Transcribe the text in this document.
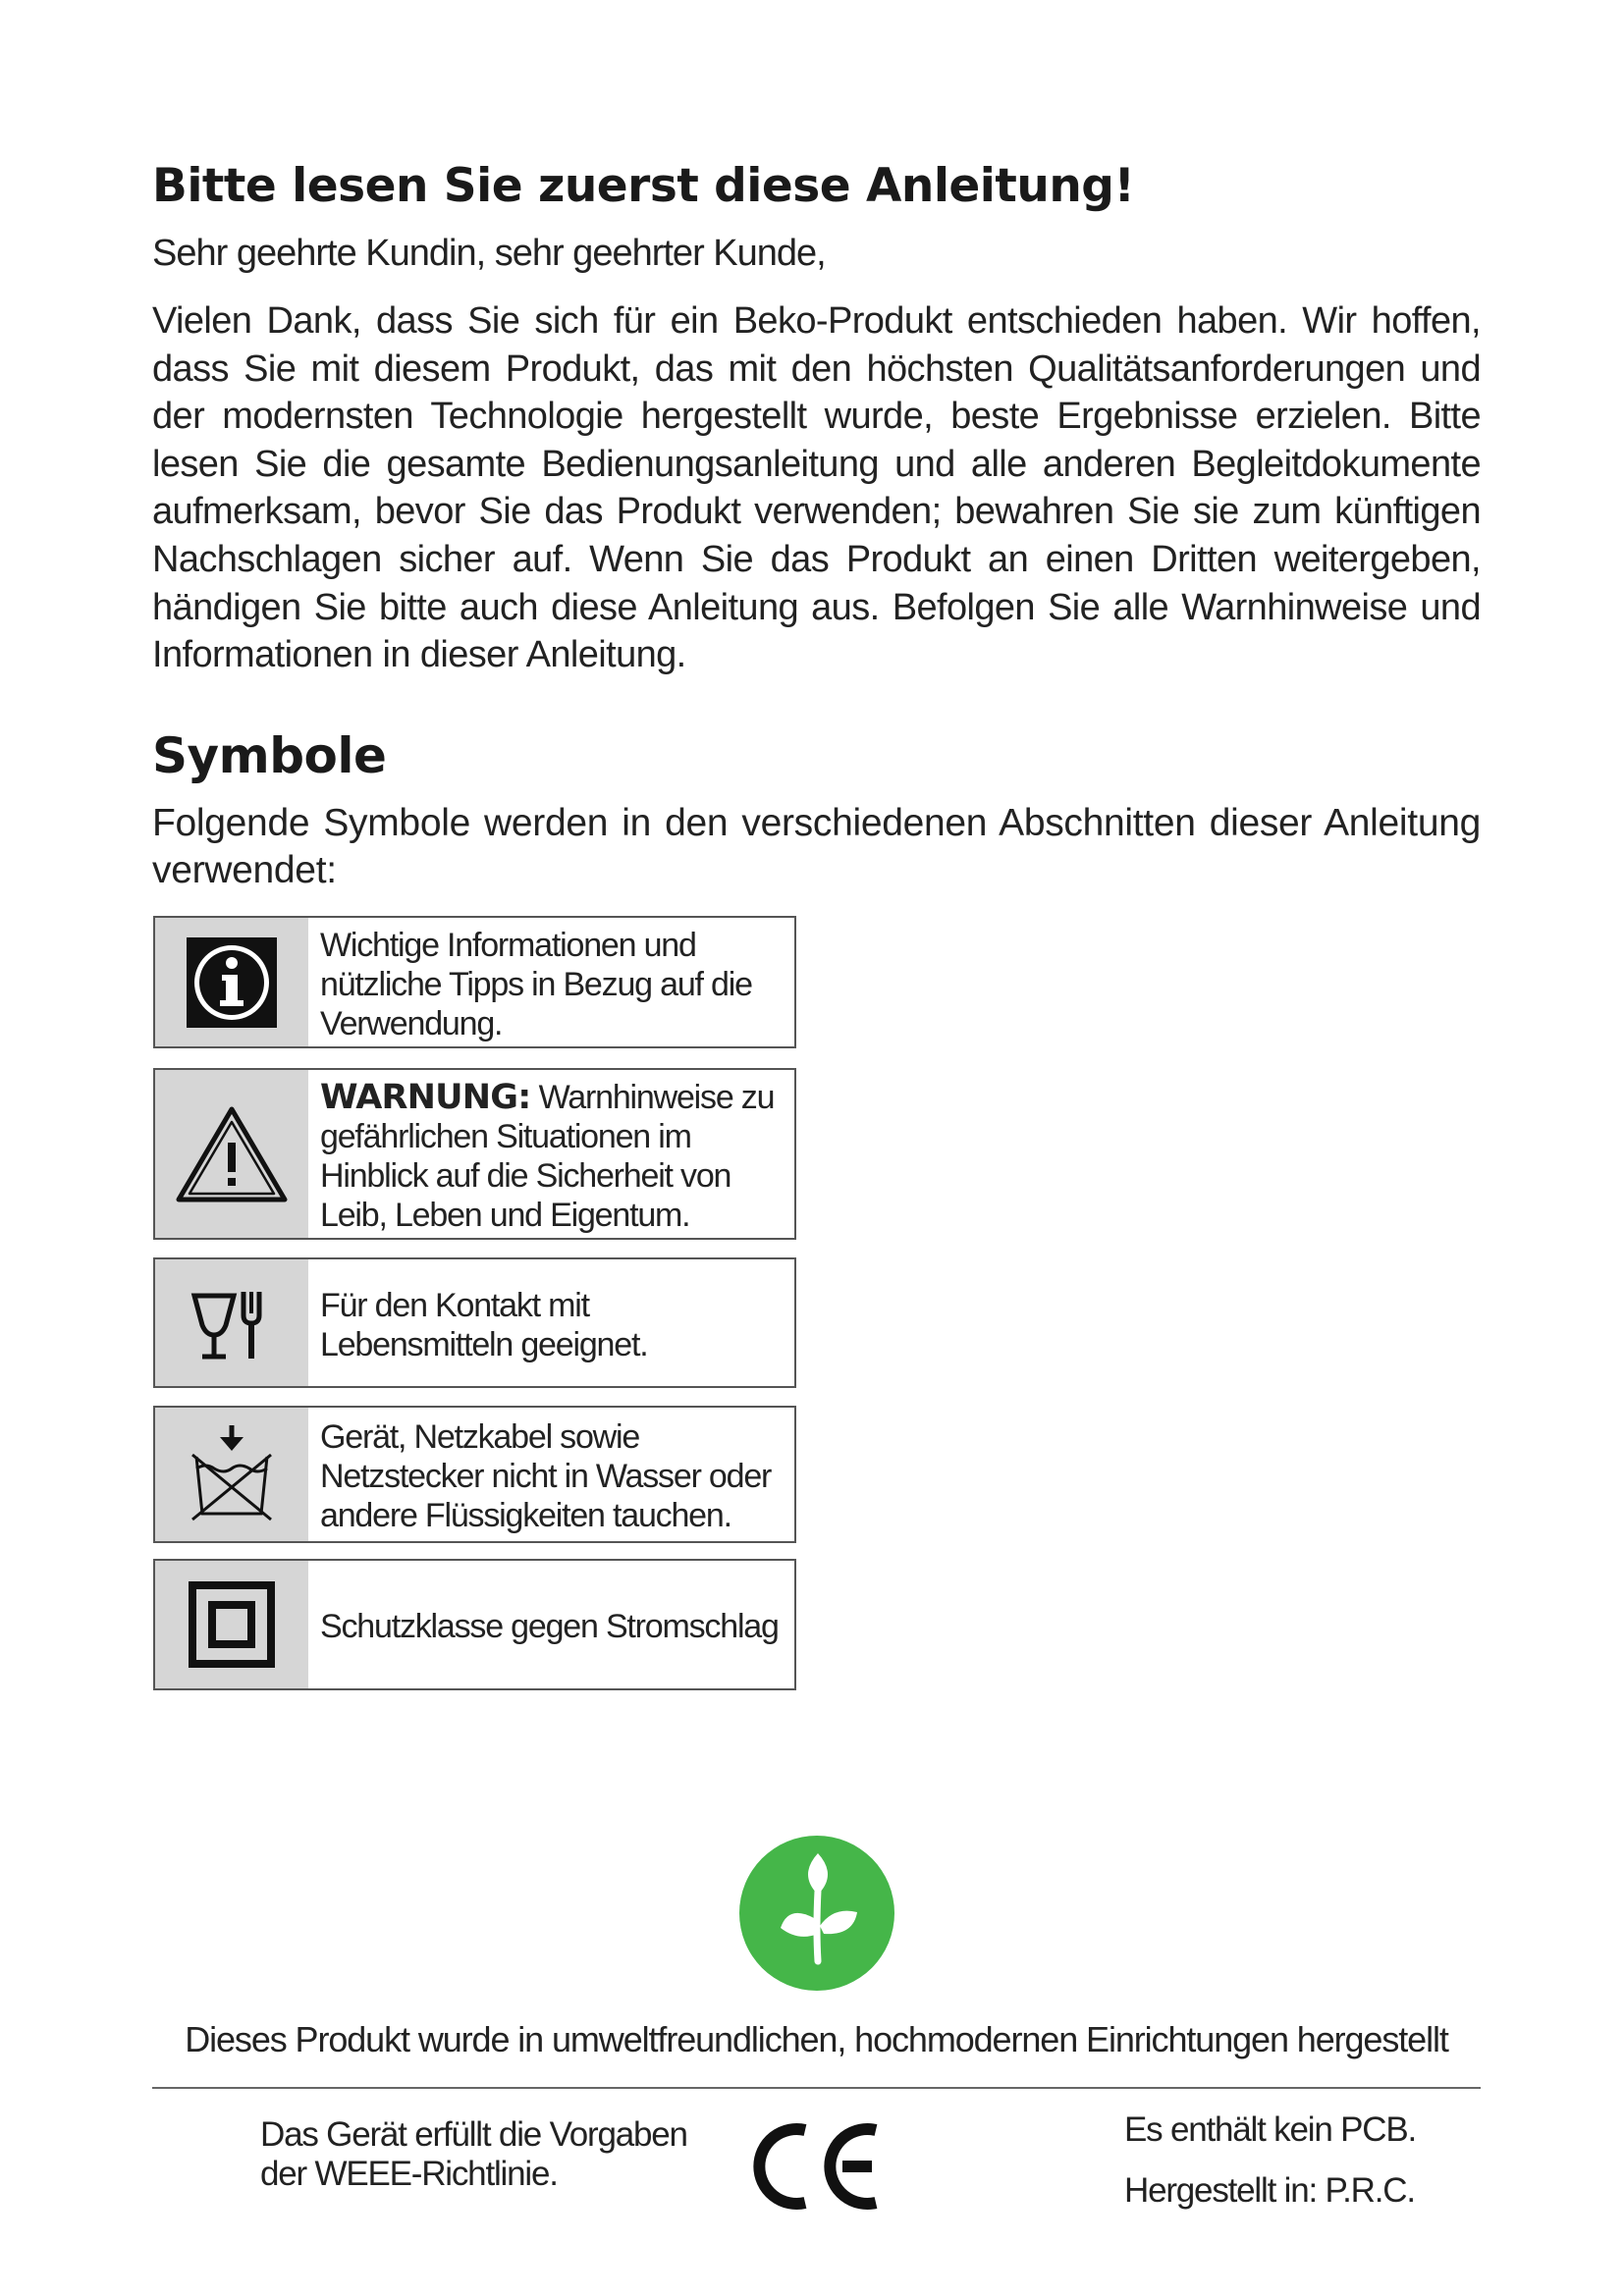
Bitte lesen Sie zuerst diese Anleitung!
Sehr geehrte Kundin, sehr geehrter Kunde,

Vielen Dank, dass Sie sich für ein Beko-Produkt entschieden haben. Wir hoffen, dass Sie mit diesem Produkt, das mit den höchsten Qualitätsanforderungen und der modernsten Technologie hergestellt wurde, beste Ergebnisse erzielen. Bitte lesen Sie die gesamte Bedienungsanleitung und alle anderen Begleitdokumente aufmerksam, bevor Sie das Produkt verwenden; bewahren Sie sie zum künftigen Nachschlagen sicher auf. Wenn Sie das Produkt an einen Dritten weitergeben, händigen Sie bitte auch diese Anleitung aus. Befolgen Sie alle Warnhinweise und Informationen in dieser Anleitung.

Symbole

Folgende Symbole werden in den verschiedenen Abschnitten dieser Anleitung verwendet:

Wichtige Informationen und nützliche Tipps in Bezug auf die Verwendung.
WARNUNG: Warnhinweise zu gefährlichen Situationen im Hinblick auf die Sicherheit von Leib, Leben und Eigentum.
Für den Kontakt mit Lebensmitteln geeignet.
Gerät, Netzkabel sowie Netzstecker nicht in Wasser oder andere Flüssigkeiten tauchen.
Schutzklasse gegen Stromschlag
Dieses Produkt wurde in umweltfreundlichen, hochmodernen Einrichtungen hergestellt
Das Gerät erfüllt die Vorgaben der WEEE-Richtlinie.
Es enthält kein PCB.
Hergestellt in: P.R.C.
